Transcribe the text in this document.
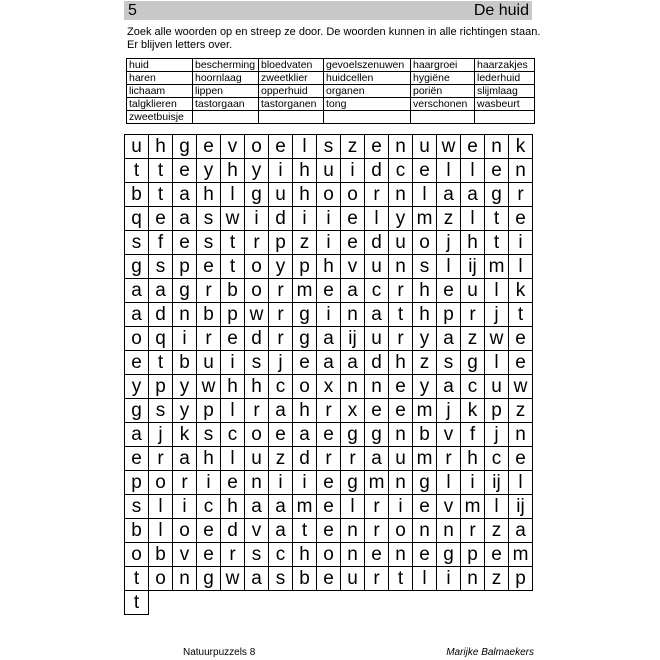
5	De huid
Zoek alle woorden op en streep ze door. De woorden kunnen in alle richtingen staan.
Er blijven letters over.
huid	bescherming	bloedvaten	gevoelszenuwen	haargroei	haarzakjes
haren	hoornlaag	zweetklier	huidcellen	hygiëne	lederhuid
lichaam	lippen	opperhuid	organen	poriën	slijmlaag
talgklieren	tastorgaan	tastorganen	tong	verschonen	wasbeurt
zweetbuisje					
u h g e v o e l s z e n u w e n k
t t e y h y i h u i d c e l	l e n
b t a h l g u h o o r n l a a g r
q e a s w i d i	i e l y m z l	t e
s f e s t r p z i e d u o j h t	i
g s p e t o y p h v u n s l ij m l
a a g r b o r m e a c r h e u l k
a d n b p w r g i n a t h p r j	t
o q i r e d r g a ij u r y a z w e
e t b u i s j e a a d h z s g l e
y p y w h h c o x n n e y a c u w
g s y p l r a h r x e e m j k p z
a j k s c o e a e g g n b v f	j n
e r a h l u z d r r a u m r h c e
p o r i e n i	i e g m n g l	i ij l
s l	i c h a a m e l r i e v m l ij
b l o e d v a t e n r o n n r z a
o b v e r s c h o n e n e g p e m
t o n g w a s b e u r t	l	i n z p
t
Natuurpuzzels 8	Marijke Balmaekers
